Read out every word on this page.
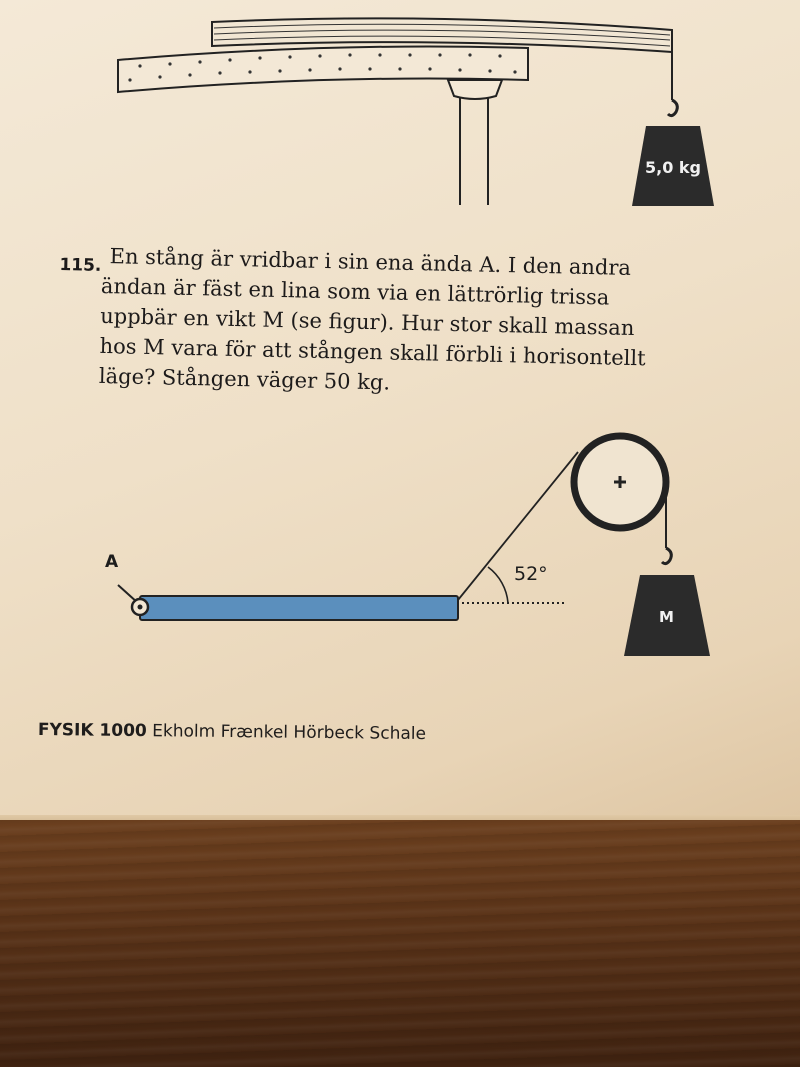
5,0 kg
115. En stång är vridbar i sin ena ända A. I den andra
ändan är fäst en lina som via en lättrörlig trissa
uppbär en vikt M (se figur). Hur stor skall massan
hos M vara för att stången skall förbli i horisontellt
läge? Stången väger 50 kg.
A
52°
M
FYSIK 1000 Ekholm Frænkel Hörbeck Schale
